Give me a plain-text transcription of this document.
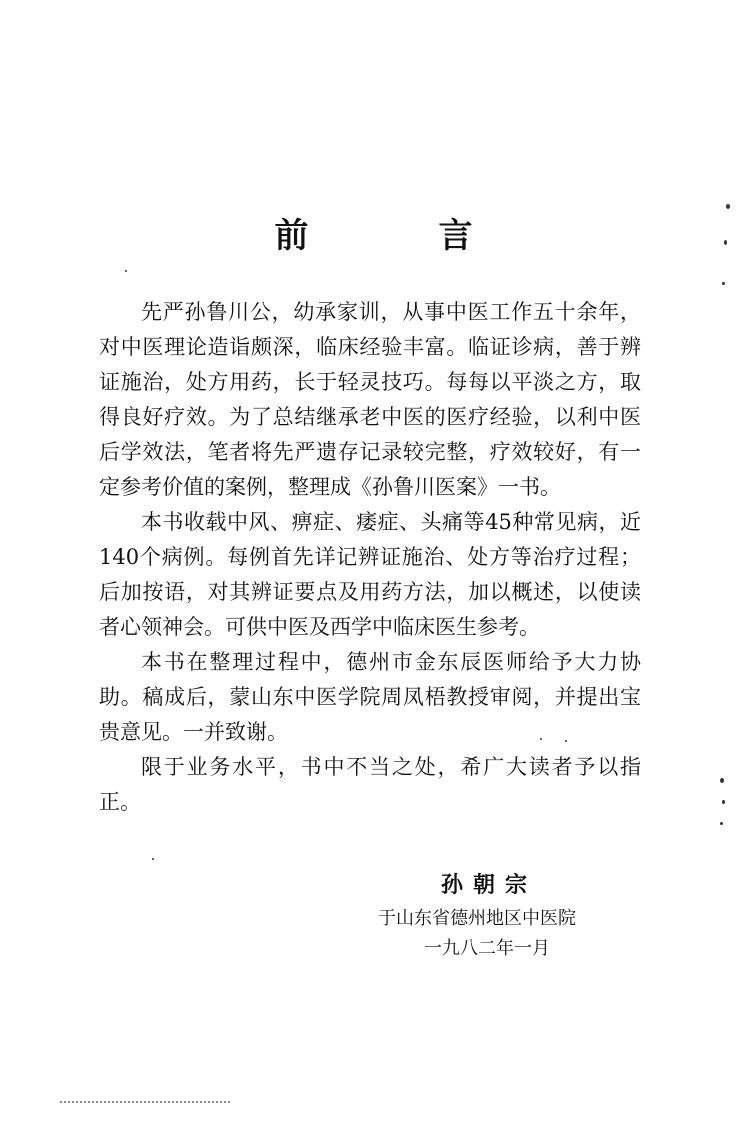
前　言

先严孙鲁川公，幼承家训，从事中医工作五十余年，对中医理论造诣颇深，临床经验丰富。临证诊病，善于辨证施治，处方用药，长于轻灵技巧。每每以平淡之方，取得良好疗效。为了总结继承老中医的医疗经验，以利中医后学效法，笔者将先严遗存记录较完整，疗效较好，有一定参考价值的案例，整理成《孙鲁川医案》一书。

本书收载中风、痹症、痿症、头痛等45种常见病，近140个病例。每例首先详记辨证施治、处方等治疗过程；后加按语，对其辨证要点及用药方法，加以概述，以使读者心领神会。可供中医及西学中临床医生参考。

本书在整理过程中，德州市金东辰医师给予大力协助。稿成后，蒙山东中医学院周凤梧教授审阅，并提出宝贵意见。一并致谢。

限于业务水平，书中不当之处，希广大读者予以指正。

孙朝宗
于山东省德州地区中医院
一九八二年一月
